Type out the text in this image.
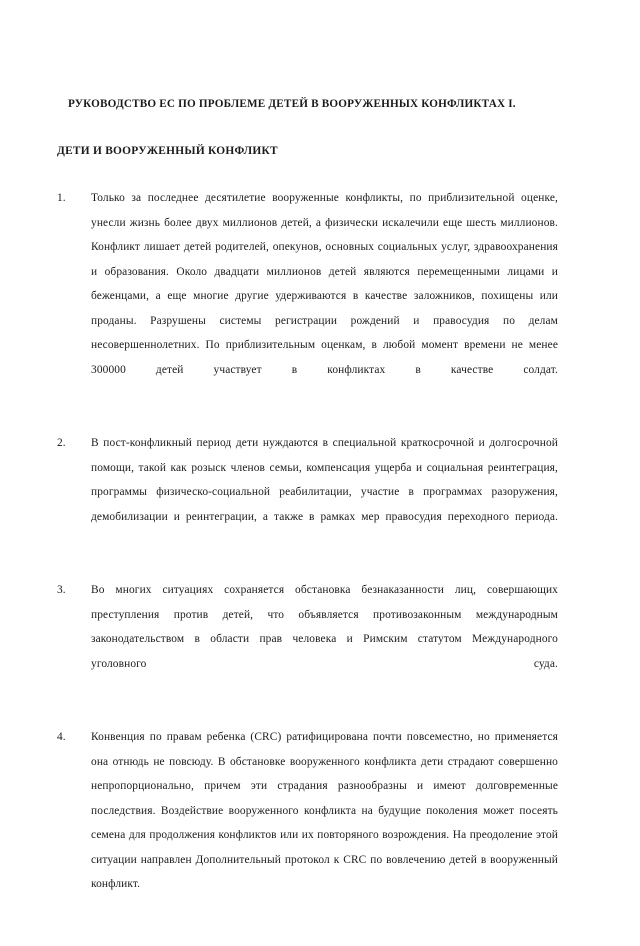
РУКОВОДСТВО ЕС ПО ПРОБЛЕМЕ ДЕТЕЙ В ВООРУЖЕННЫХ КОНФЛИКТАХ I.
ДЕТИ И ВООРУЖЕННЫЙ КОНФЛИКТ
1.	Только за последнее десятилетие вооруженные конфликты, по приблизительной оценке, унесли жизнь более двух миллионов детей, а физически искалечили еще шесть миллионов. Конфликт лишает детей родителей, опекунов, основных социальных услуг, здравоохранения и образования. Около двадцати миллионов детей являются перемещенными лицами и беженцами, а еще многие другие удерживаются в качестве заложников, похищены или проданы. Разрушены системы регистрации рождений и правосудия по делам несовершеннолетних. По приблизительным оценкам, в любой момент времени не менее 300000 детей участвует в конфликтах в качестве солдат.
2.	В пост-конфликный период дети нуждаются в специальной краткосрочной и долгосрочной помощи, такой как розыск членов семьи, компенсация ущерба и социальная реинтеграция, программы физическо-социальной реабилитации, участие в программах разоружения, демобилизации и реинтеграции, а также в рамках мер правосудия переходного периода.
3.	Во многих ситуациях сохраняется обстановка безнаказанности лиц, совершающих преступления против детей, что объявляется противозаконным международным законодательством в области прав человека и Римским статутом Международного уголовного суда.
4.	Конвенция по правам ребенка (CRC) ратифицирована почти повсеместно, но применяется она отнюдь не повсюду. В обстановке вооруженного конфликта дети страдают совершенно непропорционально, причем эти страдания разнообразны и имеют долговременные последствия. Воздействие вооруженного конфликта на будущие поколения может посеять семена для продолжения конфликтов или их повторяного возрождения. На преодоление этой ситуации направлен Дополнительный протокол к CRC по вовлечению детей в вооруженный конфликт.
